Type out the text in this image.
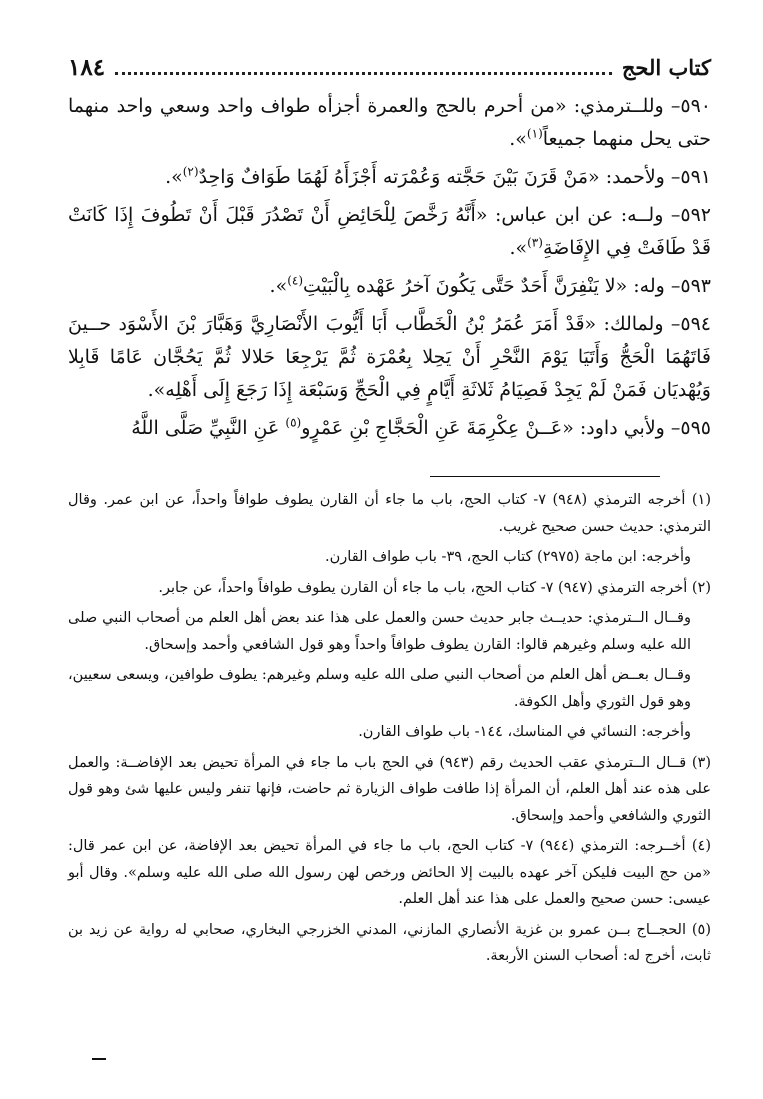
كتاب الحج
١٨٤

٥٩٠– وللــترمذي: «من أحرم بالحج والعمرة أجزأه طواف واحد وسعي واحد منهما حتى يحل منهما جميعاً$^{(١)}$».

٥٩١– ولأحمد: «مَنْ قَرَنَ بَيْنَ حَجَّته وَعُمْرَته أَجْزَأَهُ لَهُمَا طَوَافٌ وَاحِدٌ$^{(٢)}$».

٥٩٢– ولــه: عن ابن عباس: «أَنَّهُ رَخَّصَ لِلْحَائِضِ أَنْ تَصْدُرَ قَبْلَ أَنْ تَطُوفَ إِذَا كَانَتْ قَدْ طَافَتْ فِي الإِفَاضَةِ$^{(٣)}$».

٥٩٣– وله: «لا يَنْفِرَنَّ أَحَدٌ حَتَّى يَكُونَ آخرُ عَهْده بِالْبَيْتِ$^{(٤)}$».

٥٩٤– ولمالك: «قَدْ أَمَرَ عُمَرُ بْنُ الْخَطَّاب أَبَا أَيُّوبَ الأَنْصَارِيَّ وَهَبَّارَ بْنَ الأَسْوَد حــينَ فَاتَهُمَا الْحَجُّ وَأَتَيَا يَوْمَ النَّحْرِ أَنْ يَحِلا بِعُمْرَة ثُمَّ يَرْجِعَا حَلالا ثُمَّ يَحُجَّان عَامًا قَابِلا وَيُهْديَان فَمَنْ لَمْ يَجِدْ فَصِيَامُ ثَلاثَةِ أَيَّامٍ فِي الْحَجِّ وَسَبْعَة إِذَا رَجَعَ إِلَى أَهْلِه».

٥٩٥– ولأبي داود: «عَــنْ عِكْرِمَةَ عَنِ الْحَجَّاجِ بْنِ عَمْرٍو$^{(٥)}$ عَنِ النَّبِيِّ صَلَّى اللَّهُ

(١) أخرجه الترمذي (٩٤٨) ٧- كتاب الحج، باب ما جاء أن القارن يطوف طوافاً واحداً، عن ابن عمر. وقال الترمذي: حديث حسن صحيح غريب.

وأخرجه: ابن ماجة (٢٩٧٥) كتاب الحج، ٣٩- باب طواف القارن.

(٢) أخرجه الترمذي (٩٤٧) ٧- كتاب الحج، باب ما جاء أن القارن يطوف طوافاً واحداً، عن جابر.

وقــال الــترمذي: حديــث جابر حديث حسن والعمل على هذا عند بعض أهل العلم من أصحاب النبي صلى الله عليه وسلم وغيرهم قالوا: القارن يطوف طوافاً واحداً وهو قول الشافعي وأحمد وإسحاق.

وقــال بعــض أهل العلم من أصحاب النبي صلى الله عليه وسلم وغيرهم: يطوف طوافين، ويسعى سعيين، وهو قول الثوري وأهل الكوفة.

وأخرجه: النسائي في المناسك، ١٤٤- باب طواف القارن.

(٣) قــال الــترمذي عقب الحديث رقم (٩٤٣) في الحج باب ما جاء في المرأة تحيض بعد الإفاضــة: والعمل على هذه عند أهل العلم، أن المرأة إذا طافت طواف الزيارة ثم حاضت، فإنها تنفر وليس عليها شئ وهو قول الثوري والشافعي وأحمد وإسحاق.

(٤) أخــرجه: الترمذي (٩٤٤) ٧- كتاب الحج، باب ما جاء في المرأة تحيض بعد الإفاضة، عن ابن عمر قال: «من حج البيت فليكن آخر عهده بالبيت إلا الحائض ورخص لهن رسول الله صلى الله عليه وسلم». وقال أبو عيسى: حسن صحيح والعمل على هذا عند أهل العلم.

(٥) الحجــاج بــن عمرو بن غزية الأنصاري المازني، المدني الخزرجي البخاري، صحابي له رواية عن زيد بن ثابت، أخرج له: أصحاب السنن الأربعة.
